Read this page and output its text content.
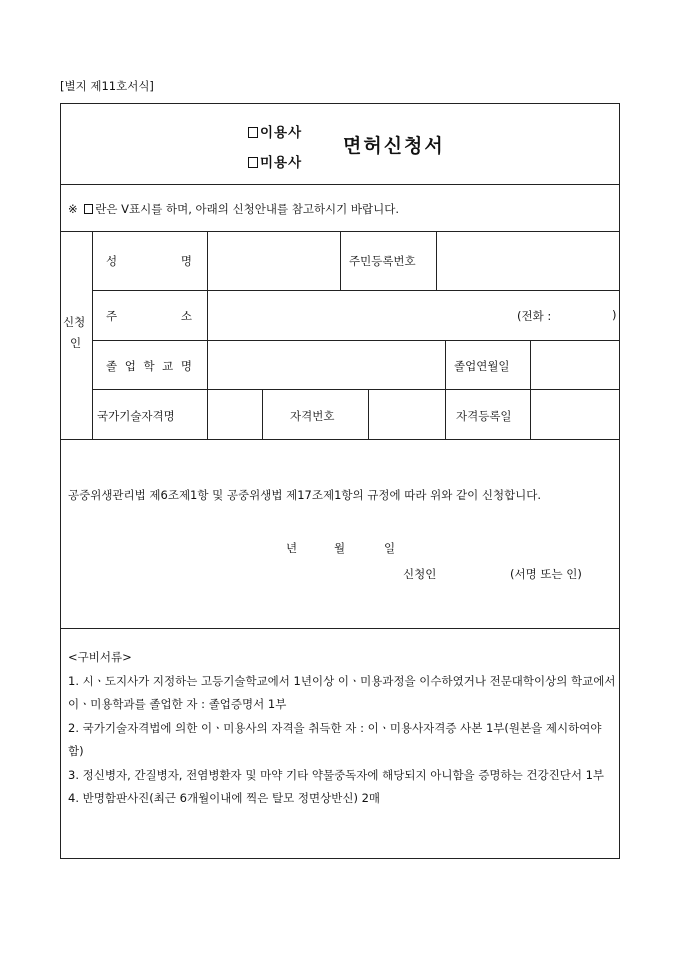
[별지 제11호서식]
이용사
미용사
면허신청서
※ 란은 V표시를 하며, 아래의 신청안내를 참고하시기 바랍니다.
신청
인
성	명	주민등록번호
주	소	(전화 :	)
졸 업 학 교 명	졸업연월일
국가기술자격명	자격번호	자격등록일
공중위생관리법 제6조제1항 및 공중위생법 제17조제1항의 규정에 따라 위와 같이 신청합니다.
년	월	일
신청인	(서명 또는 인)
<구비서류>
1. 시ㆍ도지사가 지정하는 고등기술학교에서 1년이상 이ㆍ미용과정을 이수하였거나 전문대학이상의 학교에서 이ㆍ미용학과를 졸업한 자 : 졸업증명서 1부
2. 국가기술자격법에 의한 이ㆍ미용사의 자격을 취득한 자 : 이ㆍ미용사자격증 사본 1부(원본을 제시하여야 함)
3. 정신병자, 간질병자, 전염병환자 및 마약 기타 약물중독자에 해당되지 아니함을 증명하는 건강진단서 1부
4. 반명함판사진(최근 6개월이내에 찍은 탈모 정면상반신) 2매
